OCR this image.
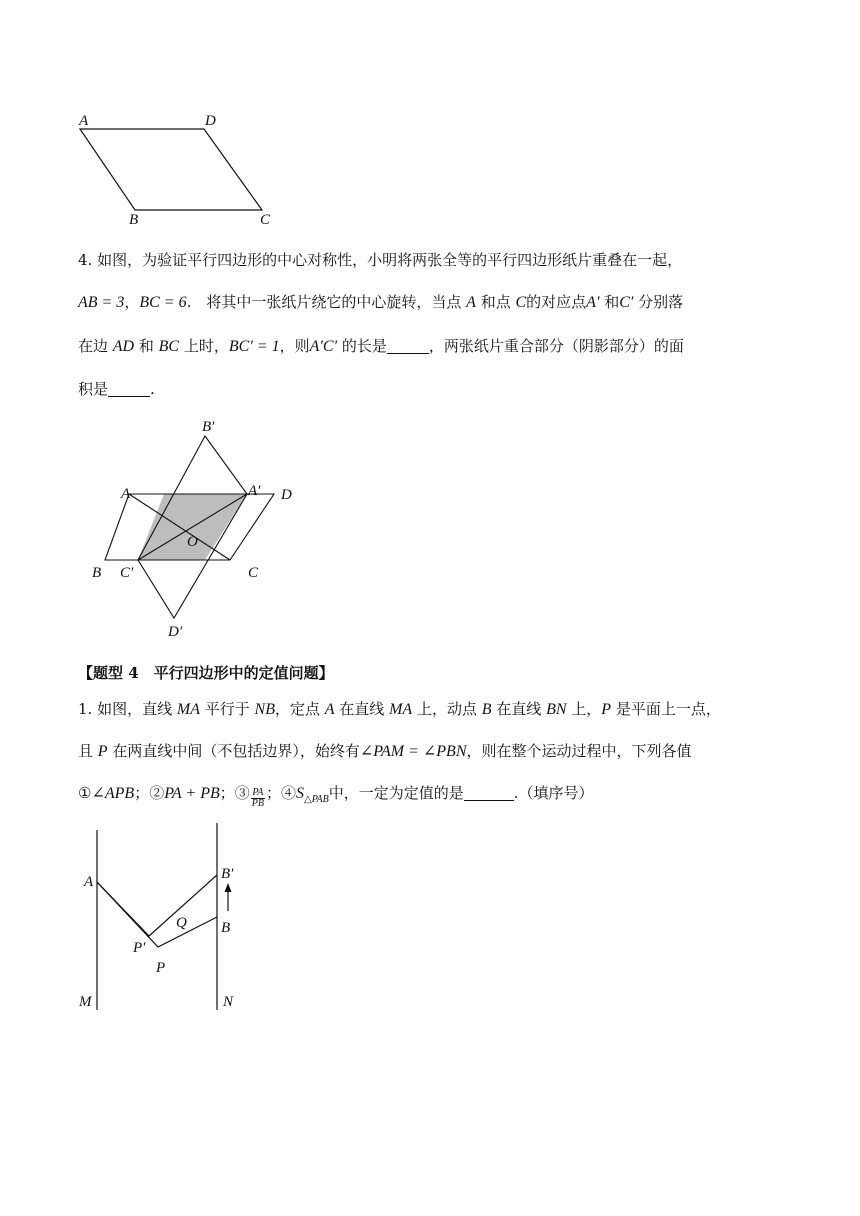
A	D
B	C
4. 如图，为验证平行四边形的中心对称性，小明将两张全等的平行四边形纸片重叠在一起，
AB = 3，BC = 6.　将其中一张纸片绕它的中心旋转，当点 A 和点 C的对应点A′ 和C′ 分别落
在边 AD 和 BC 上时，BC′ = 1，则A′C′ 的长是	，两张纸片重合部分（阴影部分）的面
积是	.
B′
A	A′ D
O
B C′	C
D′
【题型 4　平行四边形中的定值问题】
1. 如图，直线 MA 平行于 NB，定点 A 在直线 MA 上，动点 B 在直线 BN 上，P 是平面上一点，
且 P 在两直线中间（不包括边界），始终有∠PAM = ∠PBN，则在整个运动过程中，下列各值
①∠APB；②PA + PB；③ $\frac{PA}{PB}$ ；$④S_{\triangle PAB}$中，一定为定值的是	.（填序号）
A	B′
Q B
P′
P
M	N
